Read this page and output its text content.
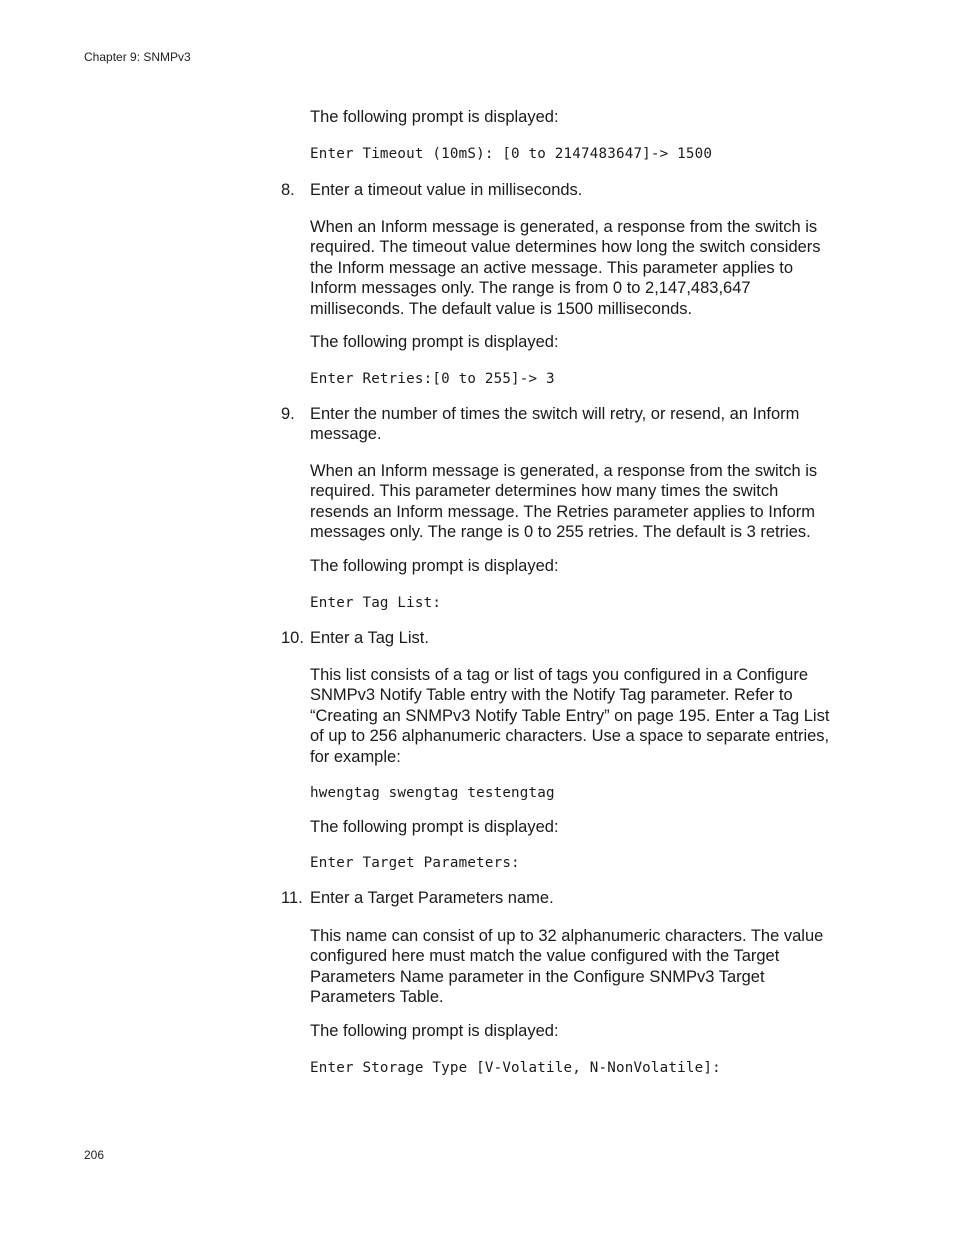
Chapter 9: SNMPv3

The following prompt is displayed:

Enter Timeout (10mS): [0 to 2147483647]-> 1500

8. Enter a timeout value in milliseconds.

When an Inform message is generated, a response from the switch is required. The timeout value determines how long the switch considers the Inform message an active message. This parameter applies to Inform messages only. The range is from 0 to 2,147,483,647 milliseconds. The default value is 1500 milliseconds.

The following prompt is displayed:

Enter Retries:[0 to 255]-> 3

9. Enter the number of times the switch will retry, or resend, an Inform message.

When an Inform message is generated, a response from the switch is required. This parameter determines how many times the switch resends an Inform message. The Retries parameter applies to Inform messages only. The range is 0 to 255 retries. The default is 3 retries.

The following prompt is displayed:

Enter Tag List:

10. Enter a Tag List.

This list consists of a tag or list of tags you configured in a Configure SNMPv3 Notify Table entry with the Notify Tag parameter. Refer to “Creating an SNMPv3 Notify Table Entry” on page 195. Enter a Tag List of up to 256 alphanumeric characters. Use a space to separate entries, for example:

hwengtag swengtag testengtag

The following prompt is displayed:

Enter Target Parameters:

11. Enter a Target Parameters name.

This name can consist of up to 32 alphanumeric characters. The value configured here must match the value configured with the Target Parameters Name parameter in the Configure SNMPv3 Target Parameters Table.

The following prompt is displayed:

Enter Storage Type [V-Volatile, N-NonVolatile]:

206
